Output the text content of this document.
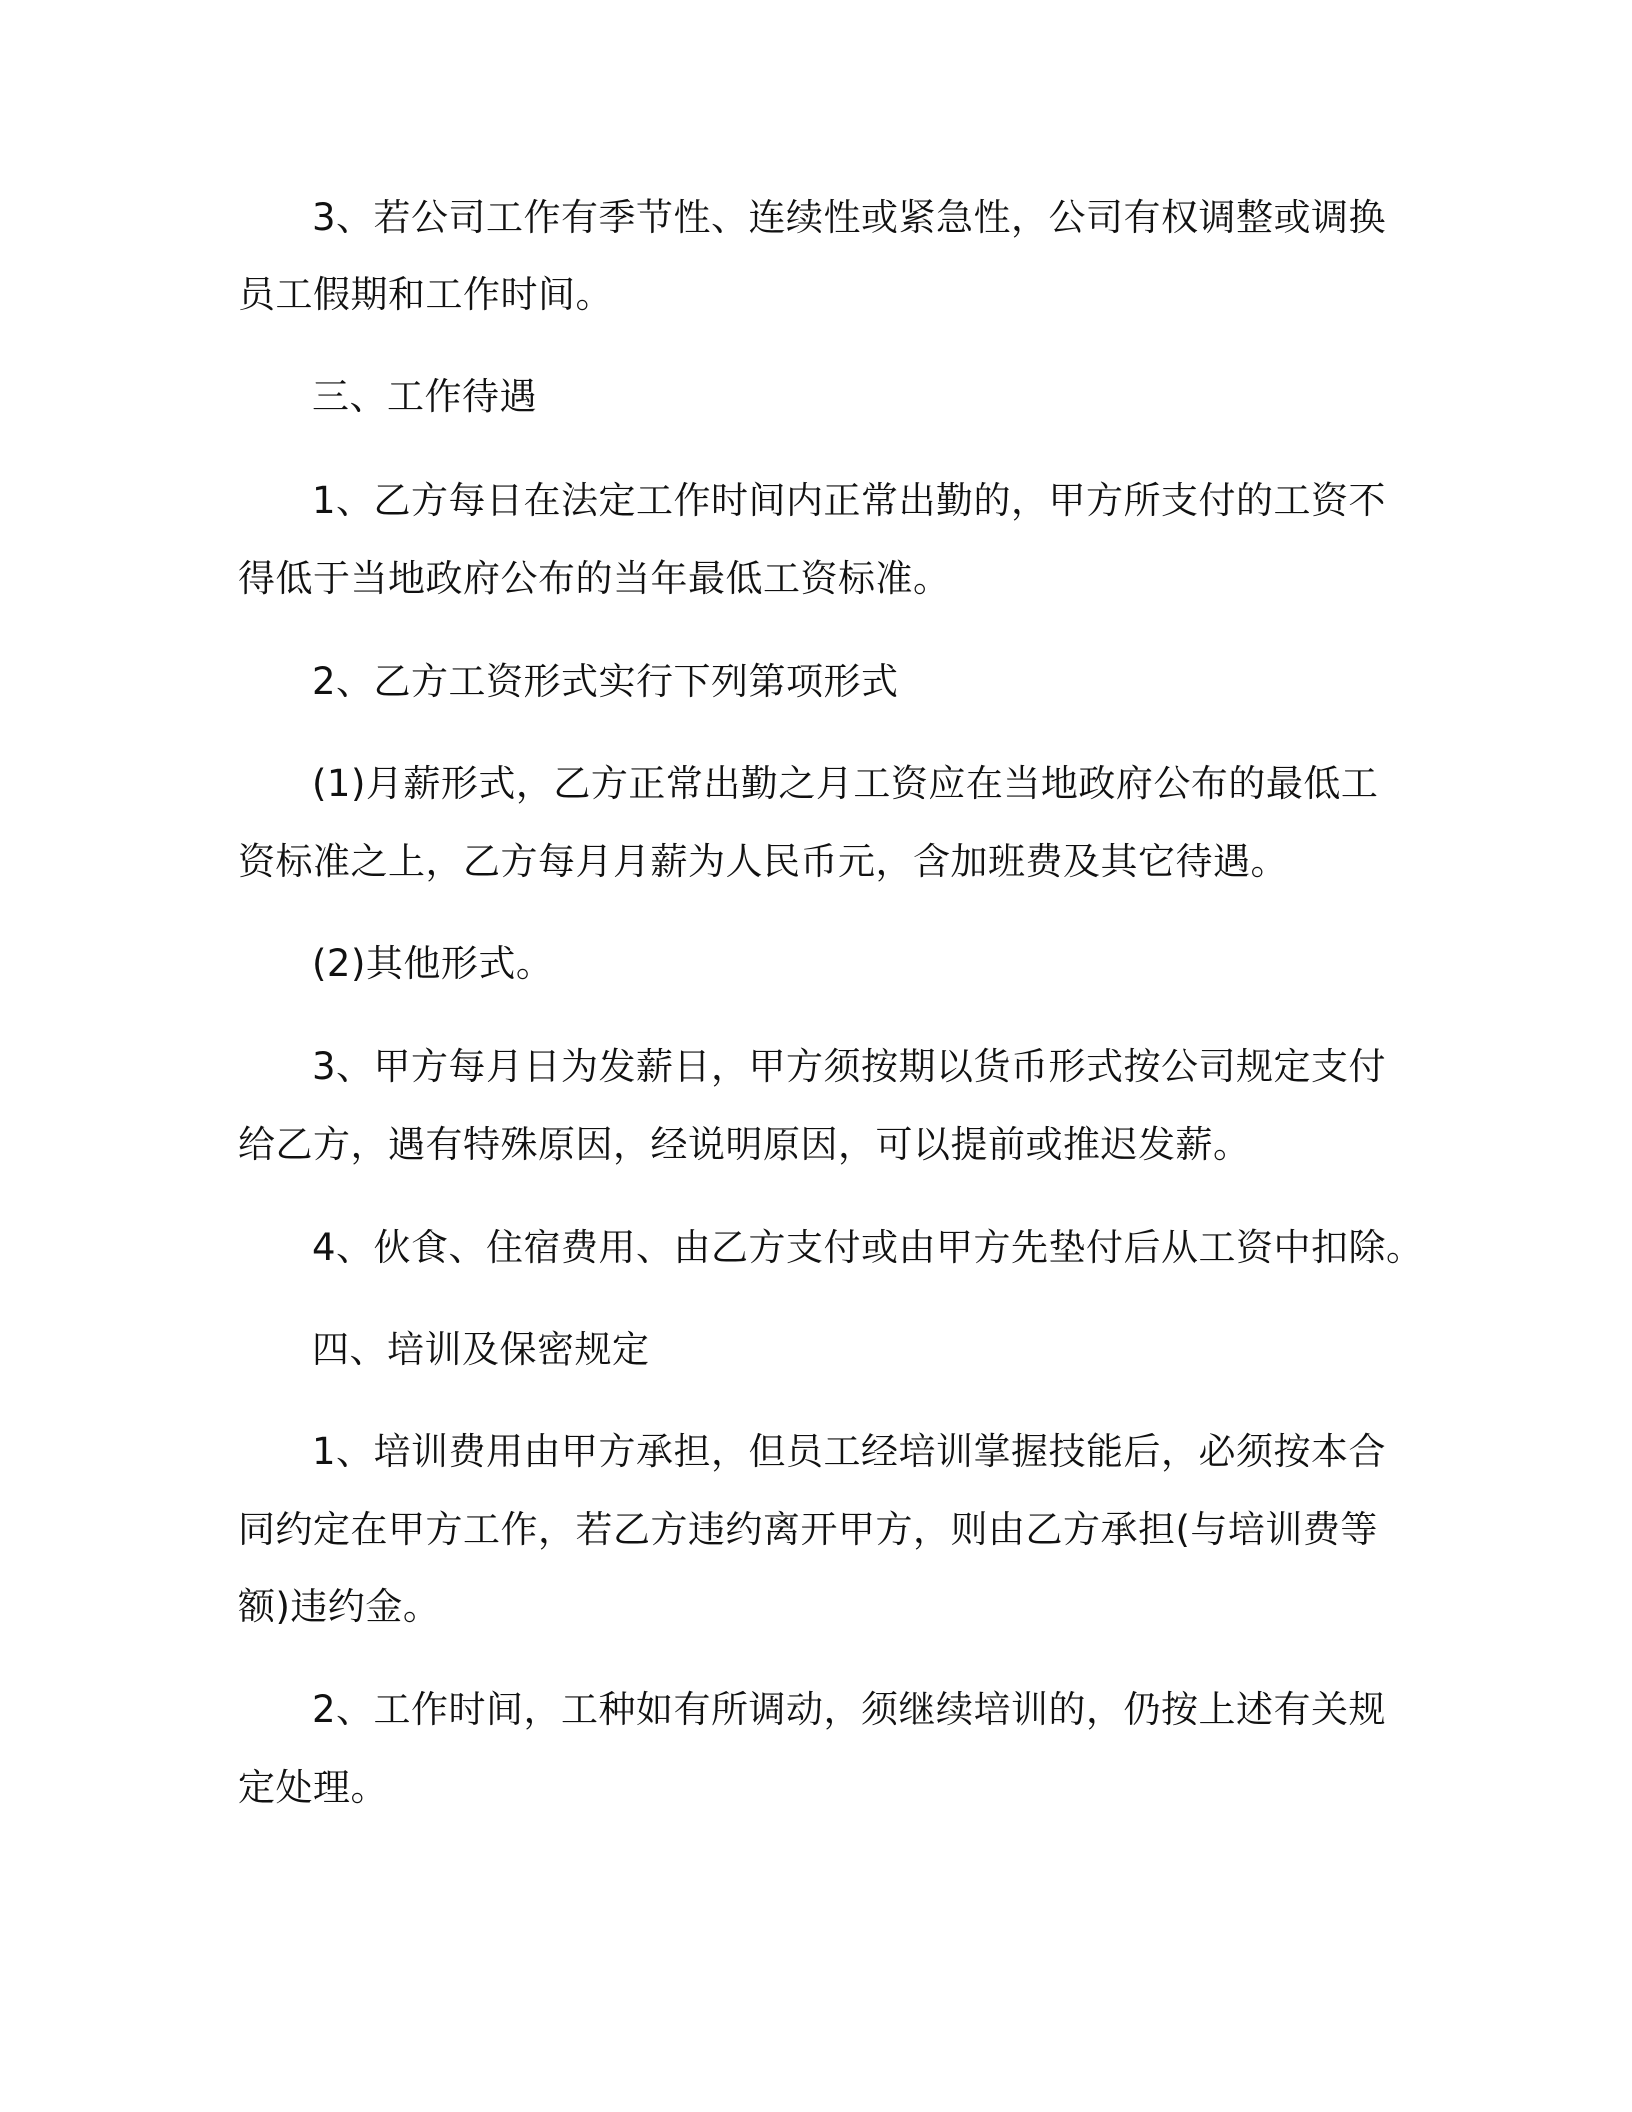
3、若公司工作有季节性、连续性或紧急性，公司有权调整或调换

员工假期和工作时间。

三、工作待遇

1、乙方每日在法定工作时间内正常出勤的，甲方所支付的工资不

得低于当地政府公布的当年最低工资标准。

2、乙方工资形式实行下列第项形式

(1)月薪形式，乙方正常出勤之月工资应在当地政府公布的最低工

资标准之上，乙方每月月薪为人民币元，含加班费及其它待遇。

(2)其他形式。

3、甲方每月日为发薪日，甲方须按期以货币形式按公司规定支付

给乙方，遇有特殊原因，经说明原因，可以提前或推迟发薪。

4、伙食、住宿费用、由乙方支付或由甲方先垫付后从工资中扣除。

四、培训及保密规定

1、培训费用由甲方承担，但员工经培训掌握技能后，必须按本合

同约定在甲方工作，若乙方违约离开甲方，则由乙方承担(与培训费等

额)违约金。

2、工作时间，工种如有所调动，须继续培训的，仍按上述有关规

定处理。
